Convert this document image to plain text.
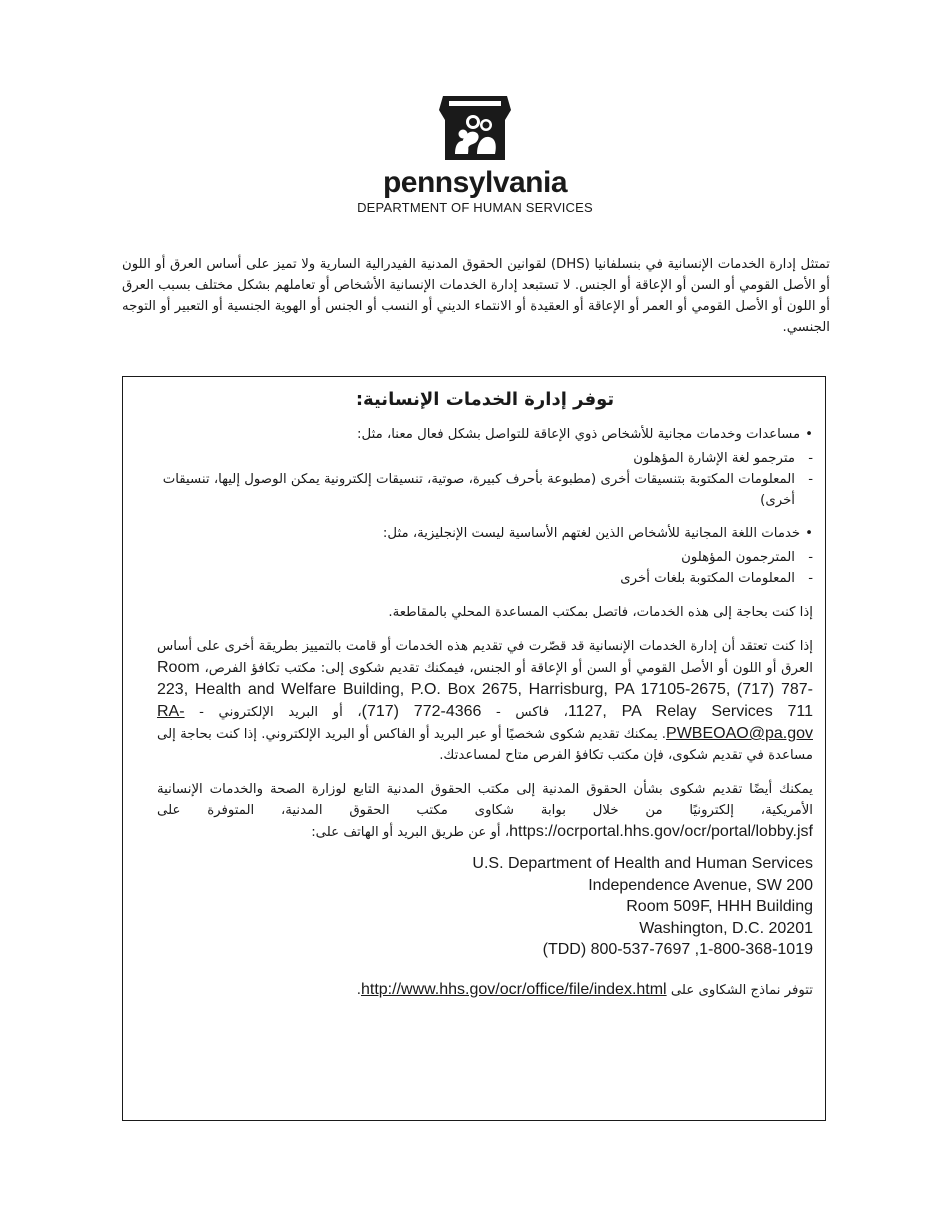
pennsylvania
DEPARTMENT OF HUMAN SERVICES

تمتثل إدارة الخدمات الإنسانية في بنسلفانيا (DHS) لقوانين الحقوق المدنية الفيدرالية السارية ولا تميز على أساس العرق أو اللون أو الأصل القومي أو السن أو الإعاقة أو الجنس. لا تستبعد إدارة الخدمات الإنسانية الأشخاص أو تعاملهم بشكل مختلف بسبب العرق أو اللون أو الأصل القومي أو العمر أو الإعاقة أو العقيدة أو الانتماء الديني أو النسب أو الجنس أو الهوية الجنسية أو التعبير أو التوجه الجنسي.

توفر إدارة الخدمات الإنسانية:
•مساعدات وخدمات مجانية للأشخاص ذوي الإعاقة للتواصل بشكل فعال معنا، مثل:
-
مترجمو لغة الإشارة المؤهلون
-
المعلومات المكتوبة بتنسيقات أخرى (مطبوعة بأحرف كبيرة، صوتية، تنسيقات إلكترونية يمكن الوصول إليها، تنسيقات أخرى)
•خدمات اللغة المجانية للأشخاص الذين لغتهم الأساسية ليست الإنجليزية، مثل:
-
المترجمون المؤهلون
-
المعلومات المكتوبة بلغات أخرى
إذا كنت بحاجة إلى هذه الخدمات، فاتصل بمكتب المساعدة المحلي بالمقاطعة.
إذا كنت تعتقد أن إدارة الخدمات الإنسانية قد قصّرت في تقديم هذه الخدمات أو قامت بالتمييز بطريقة أخرى على أساس العرق أو اللون أو الأصل القومي أو السن أو الإعاقة أو الجنس، فيمكنك تقديم شكوى إلى: مكتب تكافؤ الفرص، Room 223, Health and Welfare Building, P.O. Box 2675, Harrisburg, PA 17105-2675, (717) 787-1127, PA Relay Services 711، فاكس - (717) 772-4366، أو البريد الإلكتروني - RA-PWBEOAO@pa.gov. يمكنك تقديم شكوى شخصيًا أو عبر البريد أو الفاكس أو البريد الإلكتروني. إذا كنت بحاجة إلى مساعدة في تقديم شكوى، فإن مكتب تكافؤ الفرص متاح لمساعدتك.
يمكنك أيضًا تقديم شكوى بشأن الحقوق المدنية إلى مكتب الحقوق المدنية التابع لوزارة الصحة والخدمات الإنسانية الأمريكية، إلكترونيًا من خلال بوابة شكاوى مكتب الحقوق المدنية، المتوفرة على https://ocrportal.hhs.gov/ocr/portal/lobby.jsf، أو عن طريق البريد أو الهاتف على:
U.S. Department of Health and Human Services
Independence Avenue, SW 200
Room 509F, HHH Building
Washington, D.C. 20201
(TDD) 800-537-7697 ,1-800-368-1019
تتوفر نماذج الشكاوى على http://www.hhs.gov/ocr/office/file/index.html.
